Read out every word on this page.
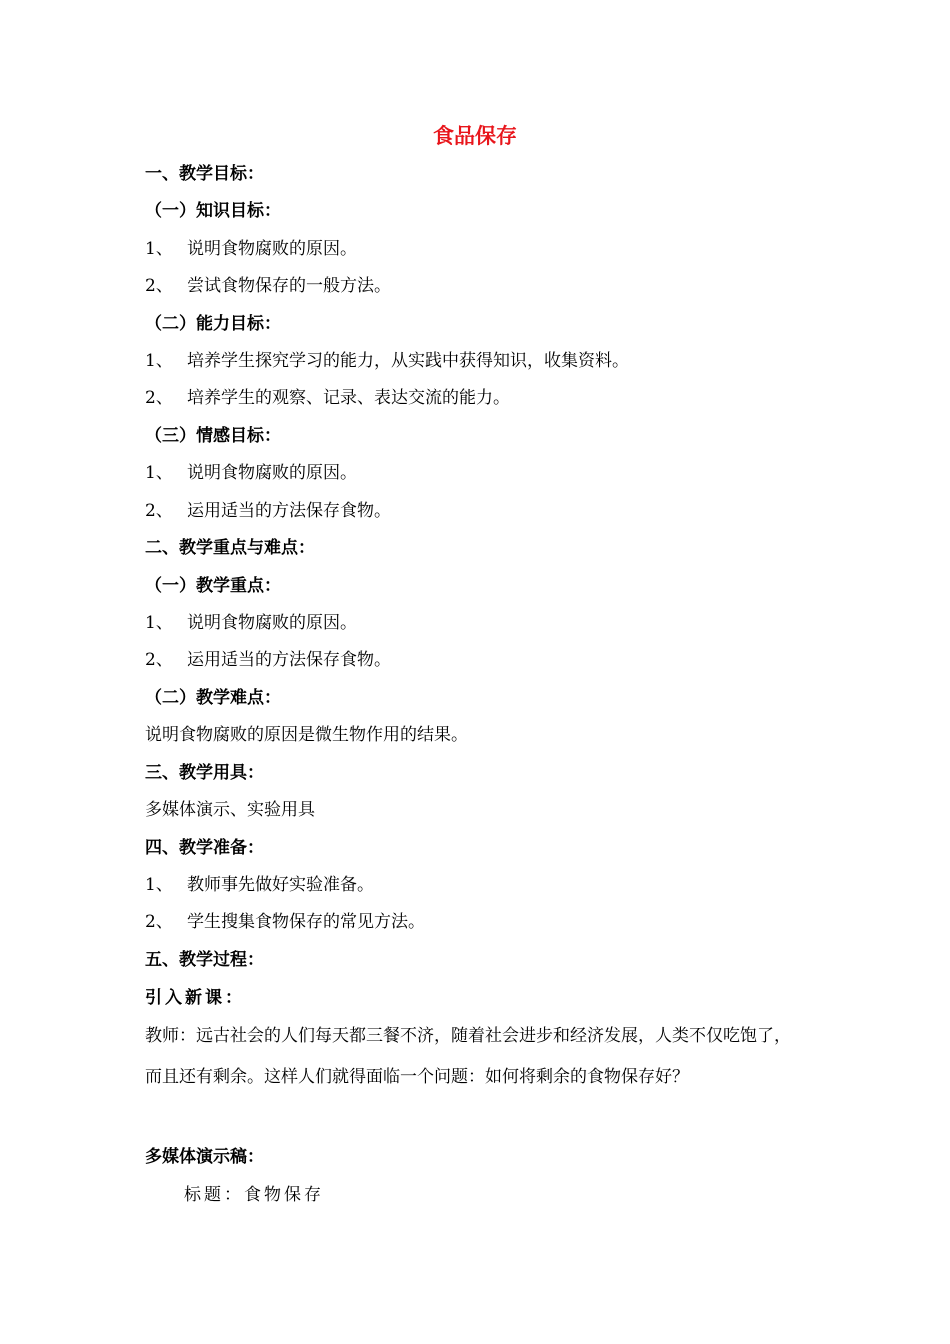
食品保存
一、教学目标：
（一）知识目标：
1、 说明食物腐败的原因。
2、 尝试食物保存的一般方法。
（二）能力目标：
1、 培养学生探究学习的能力，从实践中获得知识，收集资料。
2、 培养学生的观察、记录、表达交流的能力。
（三）情感目标：
1、 说明食物腐败的原因。
2、 运用适当的方法保存食物。
二、教学重点与难点：
（一）教学重点：
1、 说明食物腐败的原因。
2、 运用适当的方法保存食物。
（二）教学难点：
说明食物腐败的原因是微生物作用的结果。
三、教学用具：
多媒体演示、实验用具
四、教学准备：
1、 教师事先做好实验准备。
2、 学生搜集食物保存的常见方法。
五、教学过程：
引入新课：
教师：远古社会的人们每天都三餐不济，随着社会进步和经济发展，人类不仅吃饱了，而且还有剩余。这样人们就得面临一个问题：如何将剩余的食物保存好？
多媒体演示稿：
标题：食物保存
